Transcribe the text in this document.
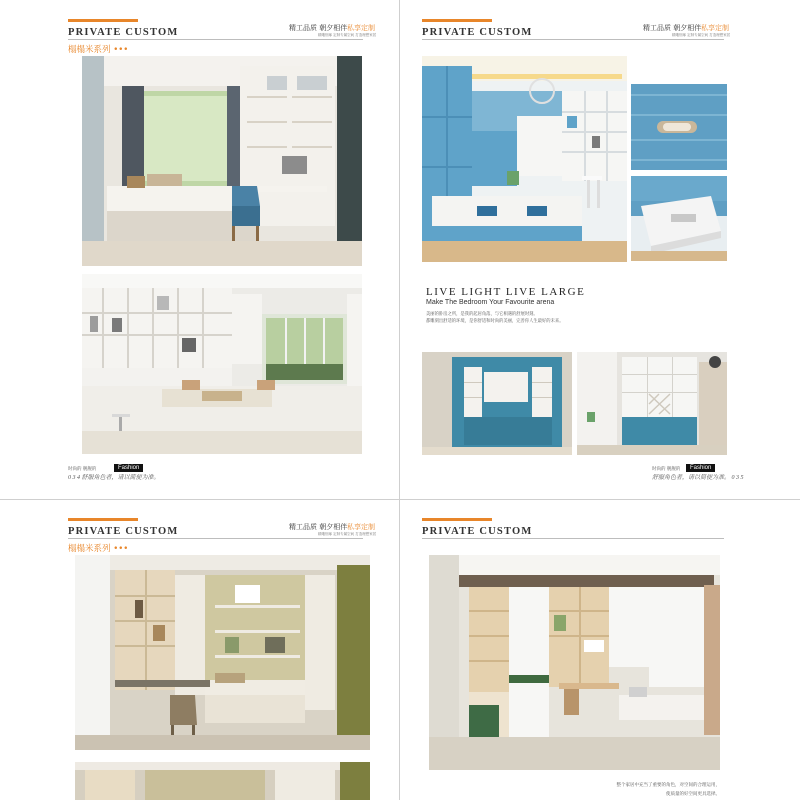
PRIVATE CUSTOM	精工品质 朝夕相伴 私享定制
精雕细琢 定制专属空间 打造理想家居
榻榻米系列 •••
时尚的 舰舰的	Fashion
0 3 4 舒服角色者，请以简便为准。
PRIVATE CUSTOM	精工品质 朝夕相伴 私享定制
精雕细琢 定制专属空间 打造理想家居
LIVE LIGHT LIVE LARGE
Make The Bedroom Your Favourite arena
美丽的卧房之所，是我的起居角落，与它相遇的舒展时刻。
都雕刻出舒适的环境，是你舒适和时尚的美丽，完善你人生最好的未来。
时尚的 舰舰的	Fashion
舒服角色者，请以简便为准。 0 3 5
PRIVATE CUSTOM	精工品质 朝夕相伴 私享定制
精雕细琢 定制专属空间 打造理想家居
榻榻米系列 •••
PRIVATE CUSTOM
整个家居中充当了重要的角色，对空间的合理运用，
使质量的好空间更具选择。
